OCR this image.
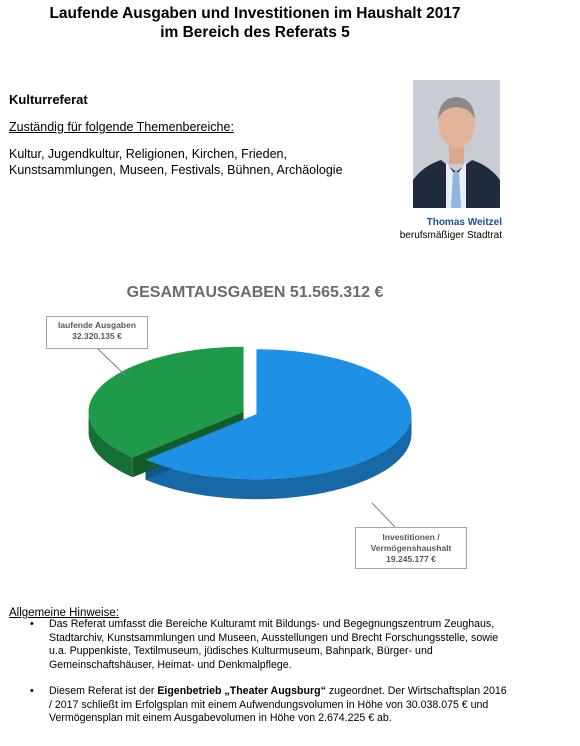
Laufende Ausgaben und Investitionen im Haushalt 2017
im Bereich des Referats 5
Kulturreferat
Zuständig für folgende Themenbereiche:
Kultur, Jugendkultur, Religionen, Kirchen, Frieden,
Kunstsammlungen, Museen, Festivals, Bühnen, Archäologie
Thomas Weitzel
berufsmäßiger Stadtrat
GESAMTAUSGABEN 51.565.312 €
laufende Ausgaben
32.320.135 €
Investitionen /
Vermögenshaushalt
19.245.177 €
Allgemeine Hinweise:
• Das Referat umfasst die Bereiche Kulturamt mit Bildungs- und Begegnungszentrum Zeughaus, Stadtarchiv, Kunstsammlungen und Museen, Ausstellungen und Brecht Forschungsstelle, sowie u.a. Puppenkiste, Textilmuseum, jüdisches Kulturmuseum, Bahnpark, Bürger- und Gemeinschaftshäuser, Heimat- und Denkmalpflege.
• Diesem Referat ist der Eigenbetrieb „Theater Augsburg“ zugeordnet. Der Wirtschaftsplan 2016 / 2017 schließt im Erfolgsplan mit einem Aufwendungsvolumen in Höhe von 30.038.075 € und Vermögensplan mit einem Ausgabevolumen in Höhe von 2.674.225 € ab.
